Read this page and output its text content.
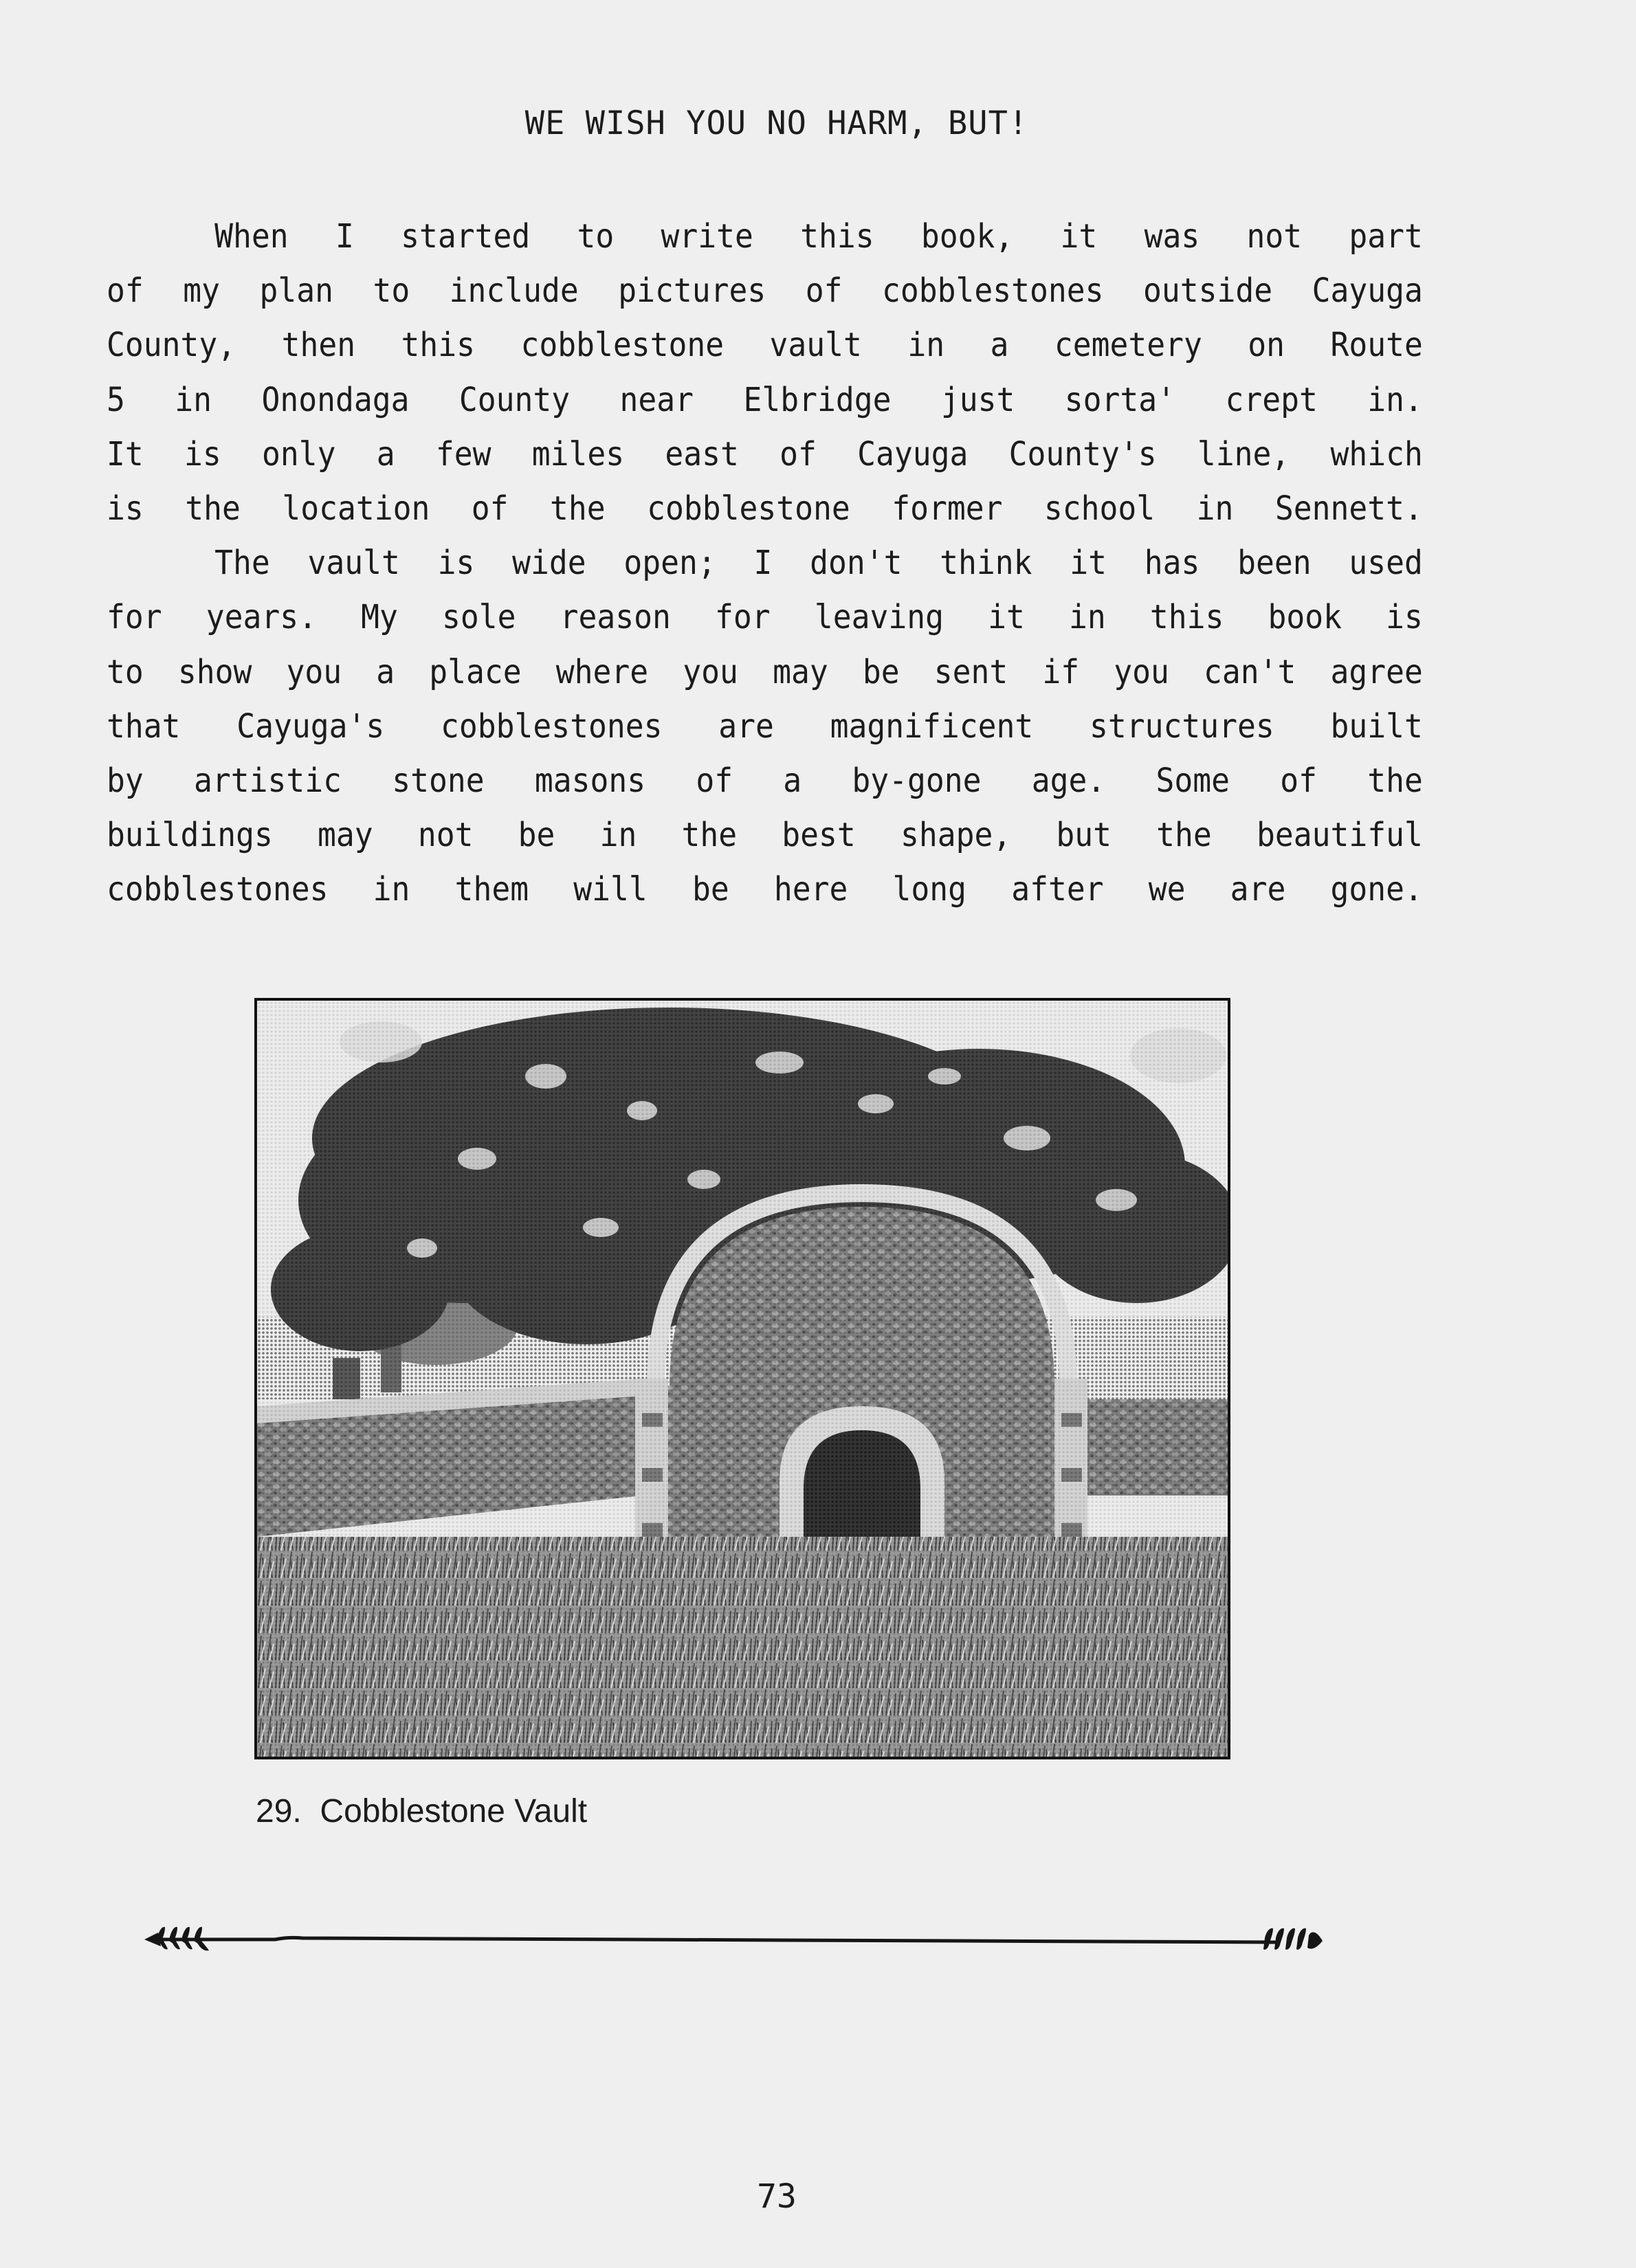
WE WISH YOU NO HARM, BUT!
When I started to write this book, it was not part
of my plan to include pictures of cobblestones outside Cayuga
County, then this cobblestone vault in a cemetery on Route
5 in Onondaga County near Elbridge just sorta' crept in.
It is only a few miles east of Cayuga County's line, which
is the location of the cobblestone former school in Sennett.
The vault is wide open; I don't think it has been used
for years. My sole reason for leaving it in this book is
to show you a place where you may be sent if you can't agree
that Cayuga's cobblestones are magnificent structures built
by artistic stone masons of a by-gone age. Some of the
buildings may not be in the best shape, but the beautiful
cobblestones in them will be here long after we are gone.
29.  Cobblestone Vault
73
